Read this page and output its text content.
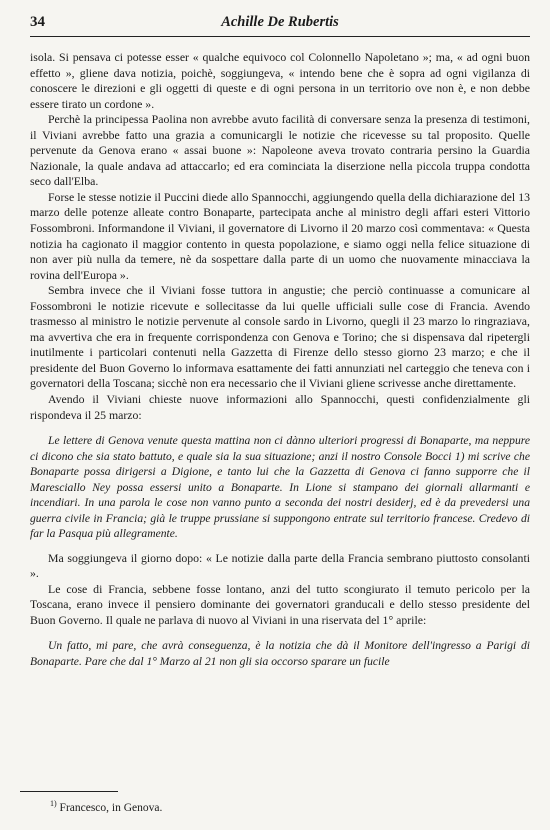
34	Achille De Rubertis

isola. Si pensava ci potesse esser « qualche equivoco col Colonnello Napoletano »; ma, « ad ogni buon effetto », gliene dava notizia, poichè, soggiungeva, « intendo bene che è sopra ad ogni vigilanza di conoscere le direzioni e gli oggetti di queste e di ogni persona in un territorio ove non è, e non debbe essere tirato un cordone ».

Perchè la principessa Paolina non avrebbe avuto facilità di conversare senza la presenza di testimoni, il Viviani avrebbe fatto una grazia a comunicargli le notizie che ricevesse su tal proposito. Quelle pervenute da Genova erano « assai buone »: Napoleone aveva trovato contraria persino la Guardia Nazionale, la quale andava ad attaccarlo; ed era cominciata la diserzione nella piccola truppa condotta seco dall'Elba.

Forse le stesse notizie il Puccini diede allo Spannocchi, aggiungendo quella della dichiarazione del 13 marzo delle potenze alleate contro Bonaparte, partecipata anche al ministro degli affari esteri Vittorio Fossombroni. Informandone il Viviani, il governatore di Livorno il 20 marzo così commentava: « Questa notizia ha cagionato il maggior contento in questa popolazione, e siamo oggi nella felice situazione di non aver più nulla da temere, nè da sospettare dalla parte di un uomo che nuovamente minacciava la rovina dell'Europa ».

Sembra invece che il Viviani fosse tuttora in angustie; che perciò continuasse a comunicare al Fossombroni le notizie ricevute e sollecitasse da lui quelle ufficiali sulle cose di Francia. Avendo trasmesso al ministro le notizie pervenute al console sardo in Livorno, quegli il 23 marzo lo ringraziava, ma avvertiva che era in frequente corrispondenza con Genova e Torino; che si dispensava dal ripetergli inutilmente i particolari contenuti nella Gazzetta di Firenze dello stesso giorno 23 marzo; e che il presidente del Buon Governo lo informava esattamente dei fatti annunziati nel carteggio che teneva con i governatori della Toscana; sicchè non era necessario che il Viviani gliene scrivesse anche direttamente.

Avendo il Viviani chieste nuove informazioni allo Spannocchi, questi confidenzialmente gli rispondeva il 25 marzo:

Le lettere di Genova venute questa mattina non ci dànno ulteriori progressi di Bonaparte, ma neppure ci dicono che sia stato battuto, e quale sia la sua situazione; anzi il nostro Console Bocci 1) mi scrive che Bonaparte possa dirigersi a Digione, e tanto lui che la Gazzetta di Genova ci fanno supporre che il Maresciallo Ney possa essersi unito a Bonaparte. In Lione si stampano dei giornali allarmanti e incendiari. In una parola le cose non vanno punto a seconda dei nostri desiderj, ed è da prevedersi una guerra civile in Francia; già le truppe prussiane si suppongono entrate sul territorio francese. Credevo di far la Pasqua più allegramente.

Ma soggiungeva il giorno dopo: « Le notizie dalla parte della Francia sembrano piuttosto consolanti ».

Le cose di Francia, sebbene fosse lontano, anzi del tutto scongiurato il temuto pericolo per la Toscana, erano invece il pensiero dominante dei governatori granducali e dello stesso presidente del Buon Governo. Il quale ne parlava di nuovo al Viviani in una riservata del 1° aprile:

Un fatto, mi pare, che avrà conseguenza, è la notizia che dà il Monitore dell'ingresso a Parigi di Bonaparte. Pare che dal 1° Marzo al 21 non gli sia occorso sparare un fucile

$^{1)}$ Francesco, in Genova.
